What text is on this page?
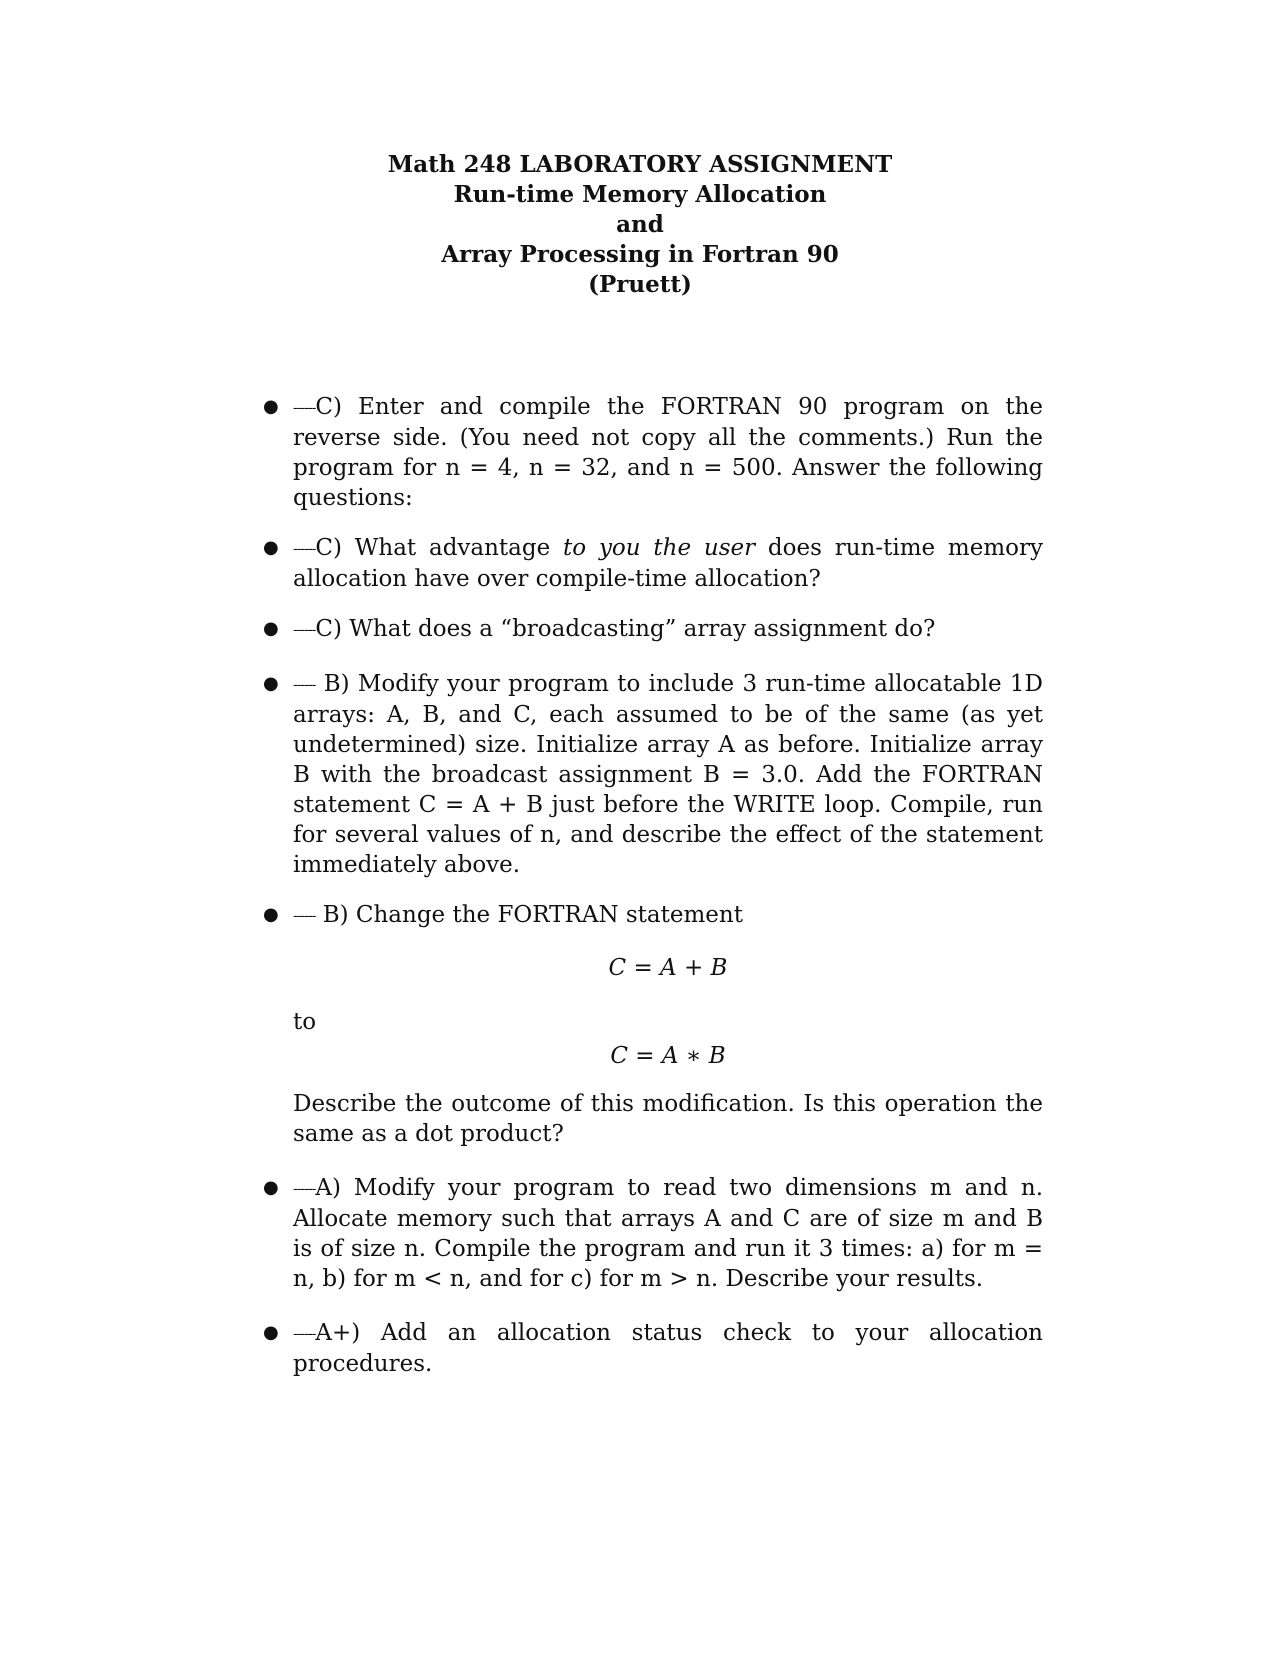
Math 248 LABORATORY ASSIGNMENT
Run-time Memory Allocation
and
Array Processing in Fortran 90
(Pruett)
● ------C) Enter and compile the FORTRAN 90 program on the reverse side. (You need not copy all the comments.) Run the program for n = 4, n = 32, and n = 500. Answer the following questions:
● ------C) What advantage to you the user does run-time memory allocation have over compile-time allocation?
● ------C) What does a “broadcasting” array assignment do?
● ------ B) Modify your program to include 3 run-time allocatable 1D arrays: A, B, and C, each assumed to be of the same (as yet undetermined) size. Initialize array A as before. Initialize array B with the broadcast assignment B = 3.0. Add the FORTRAN statement C = A + B just before the WRITE loop. Compile, run for several values of n, and describe the effect of the statement immediately above.
● ------ B) Change the FORTRAN statement
C = A + B
to
C = A ∗ B
Describe the outcome of this modification. Is this operation the same as a dot product?
● ------A) Modify your program to read two dimensions m and n. Allocate memory such that arrays A and C are of size m and B is of size n. Compile the program and run it 3 times: a) for m = n, b) for m < n, and for c) for m > n. Describe your results.
● ------A+) Add an allocation status check to your allocation procedures.
